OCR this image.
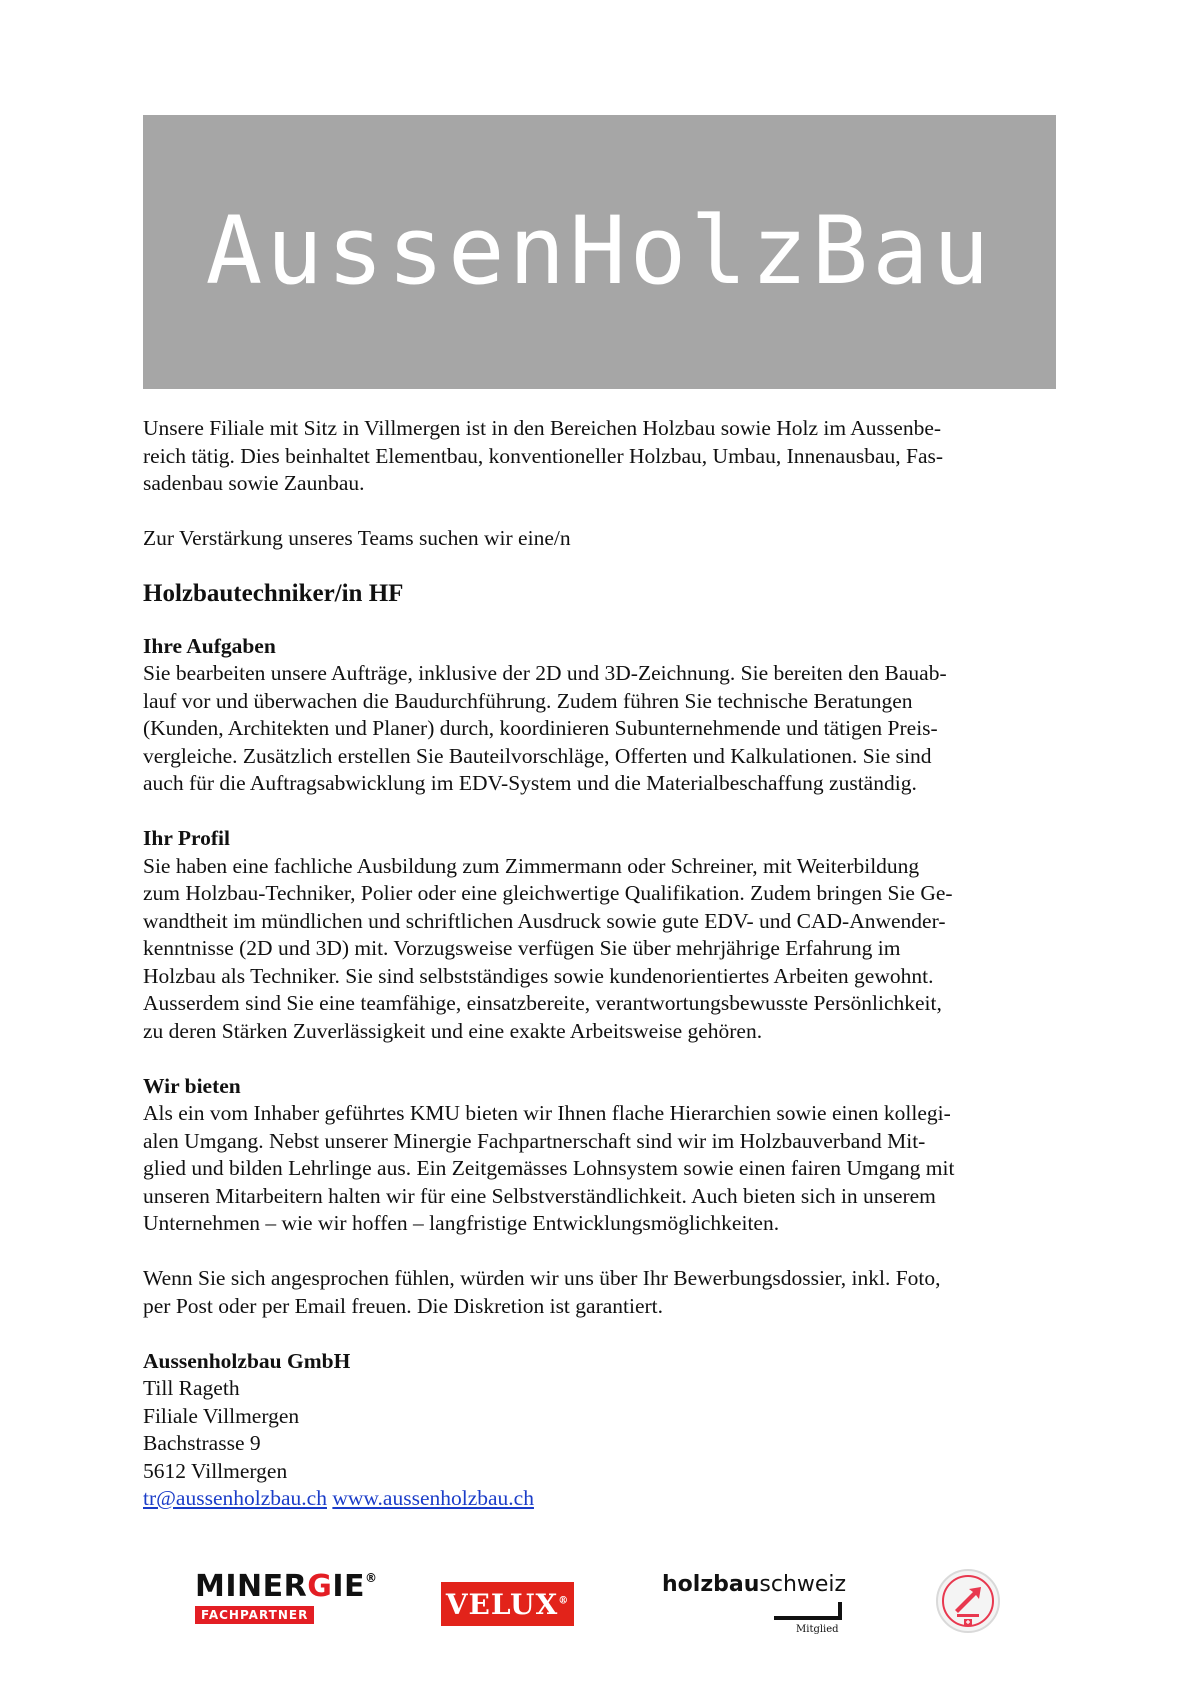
AussenHolzBau

Unsere Filiale mit Sitz in Villmergen ist in den Bereichen Holzbau sowie Holz im Aussenbe-

reich tätig. Dies beinhaltet Elementbau, konventioneller Holzbau, Umbau, Innenausbau, Fas-

sadenbau sowie Zaunbau.

Zur Verstärkung unseres Teams suchen wir eine/n

Holzbautechniker/in HF

Ihre Aufgaben

Sie bearbeiten unsere Aufträge, inklusive der 2D und 3D-Zeichnung. Sie bereiten den Bauab-

lauf vor und überwachen die Baudurchführung. Zudem führen Sie technische Beratungen

(Kunden, Architekten und Planer) durch, koordinieren Subunternehmende und tätigen Preis-

vergleiche. Zusätzlich erstellen Sie Bauteilvorschläge, Offerten und Kalkulationen. Sie sind

auch für die Auftragsabwicklung im EDV-System und die Materialbeschaffung zuständig.

Ihr Profil

Sie haben eine fachliche Ausbildung zum Zimmermann oder Schreiner, mit Weiterbildung

zum Holzbau-Techniker, Polier oder eine gleichwertige Qualifikation. Zudem bringen Sie Ge-

wandtheit im mündlichen und schriftlichen Ausdruck sowie gute EDV- und CAD-Anwender-

kenntnisse (2D und 3D) mit. Vorzugsweise verfügen Sie über mehrjährige Erfahrung im

Holzbau als Techniker. Sie sind selbstständiges sowie kundenorientiertes Arbeiten gewohnt.

Ausserdem sind Sie eine teamfähige, einsatzbereite, verantwortungsbewusste Persönlichkeit,

zu deren Stärken Zuverlässigkeit und eine exakte Arbeitsweise gehören.

Wir bieten

Als ein vom Inhaber geführtes KMU bieten wir Ihnen flache Hierarchien sowie einen kollegi-

alen Umgang. Nebst unserer Minergie Fachpartnerschaft sind wir im Holzbauverband Mit-

glied und bilden Lehrlinge aus. Ein Zeitgemässes Lohnsystem sowie einen fairen Umgang mit

unseren Mitarbeitern halten wir für eine Selbstverständlichkeit. Auch bieten sich in unserem

Unternehmen – wie wir hoffen – langfristige Entwicklungsmöglichkeiten.

Wenn Sie sich angesprochen fühlen, würden wir uns über Ihr Bewerbungsdossier, inkl. Foto,

per Post oder per Email freuen. Die Diskretion ist garantiert.

Aussenholzbau GmbH

Till Rageth

Filiale Villmergen

Bachstrasse 9

5612 Villmergen

tr@aussenholzbau.ch www.aussenholzbau.ch

MINERGIE®
FACHPARTNER	VELUX®
holzbauschweiz
Mitglied
